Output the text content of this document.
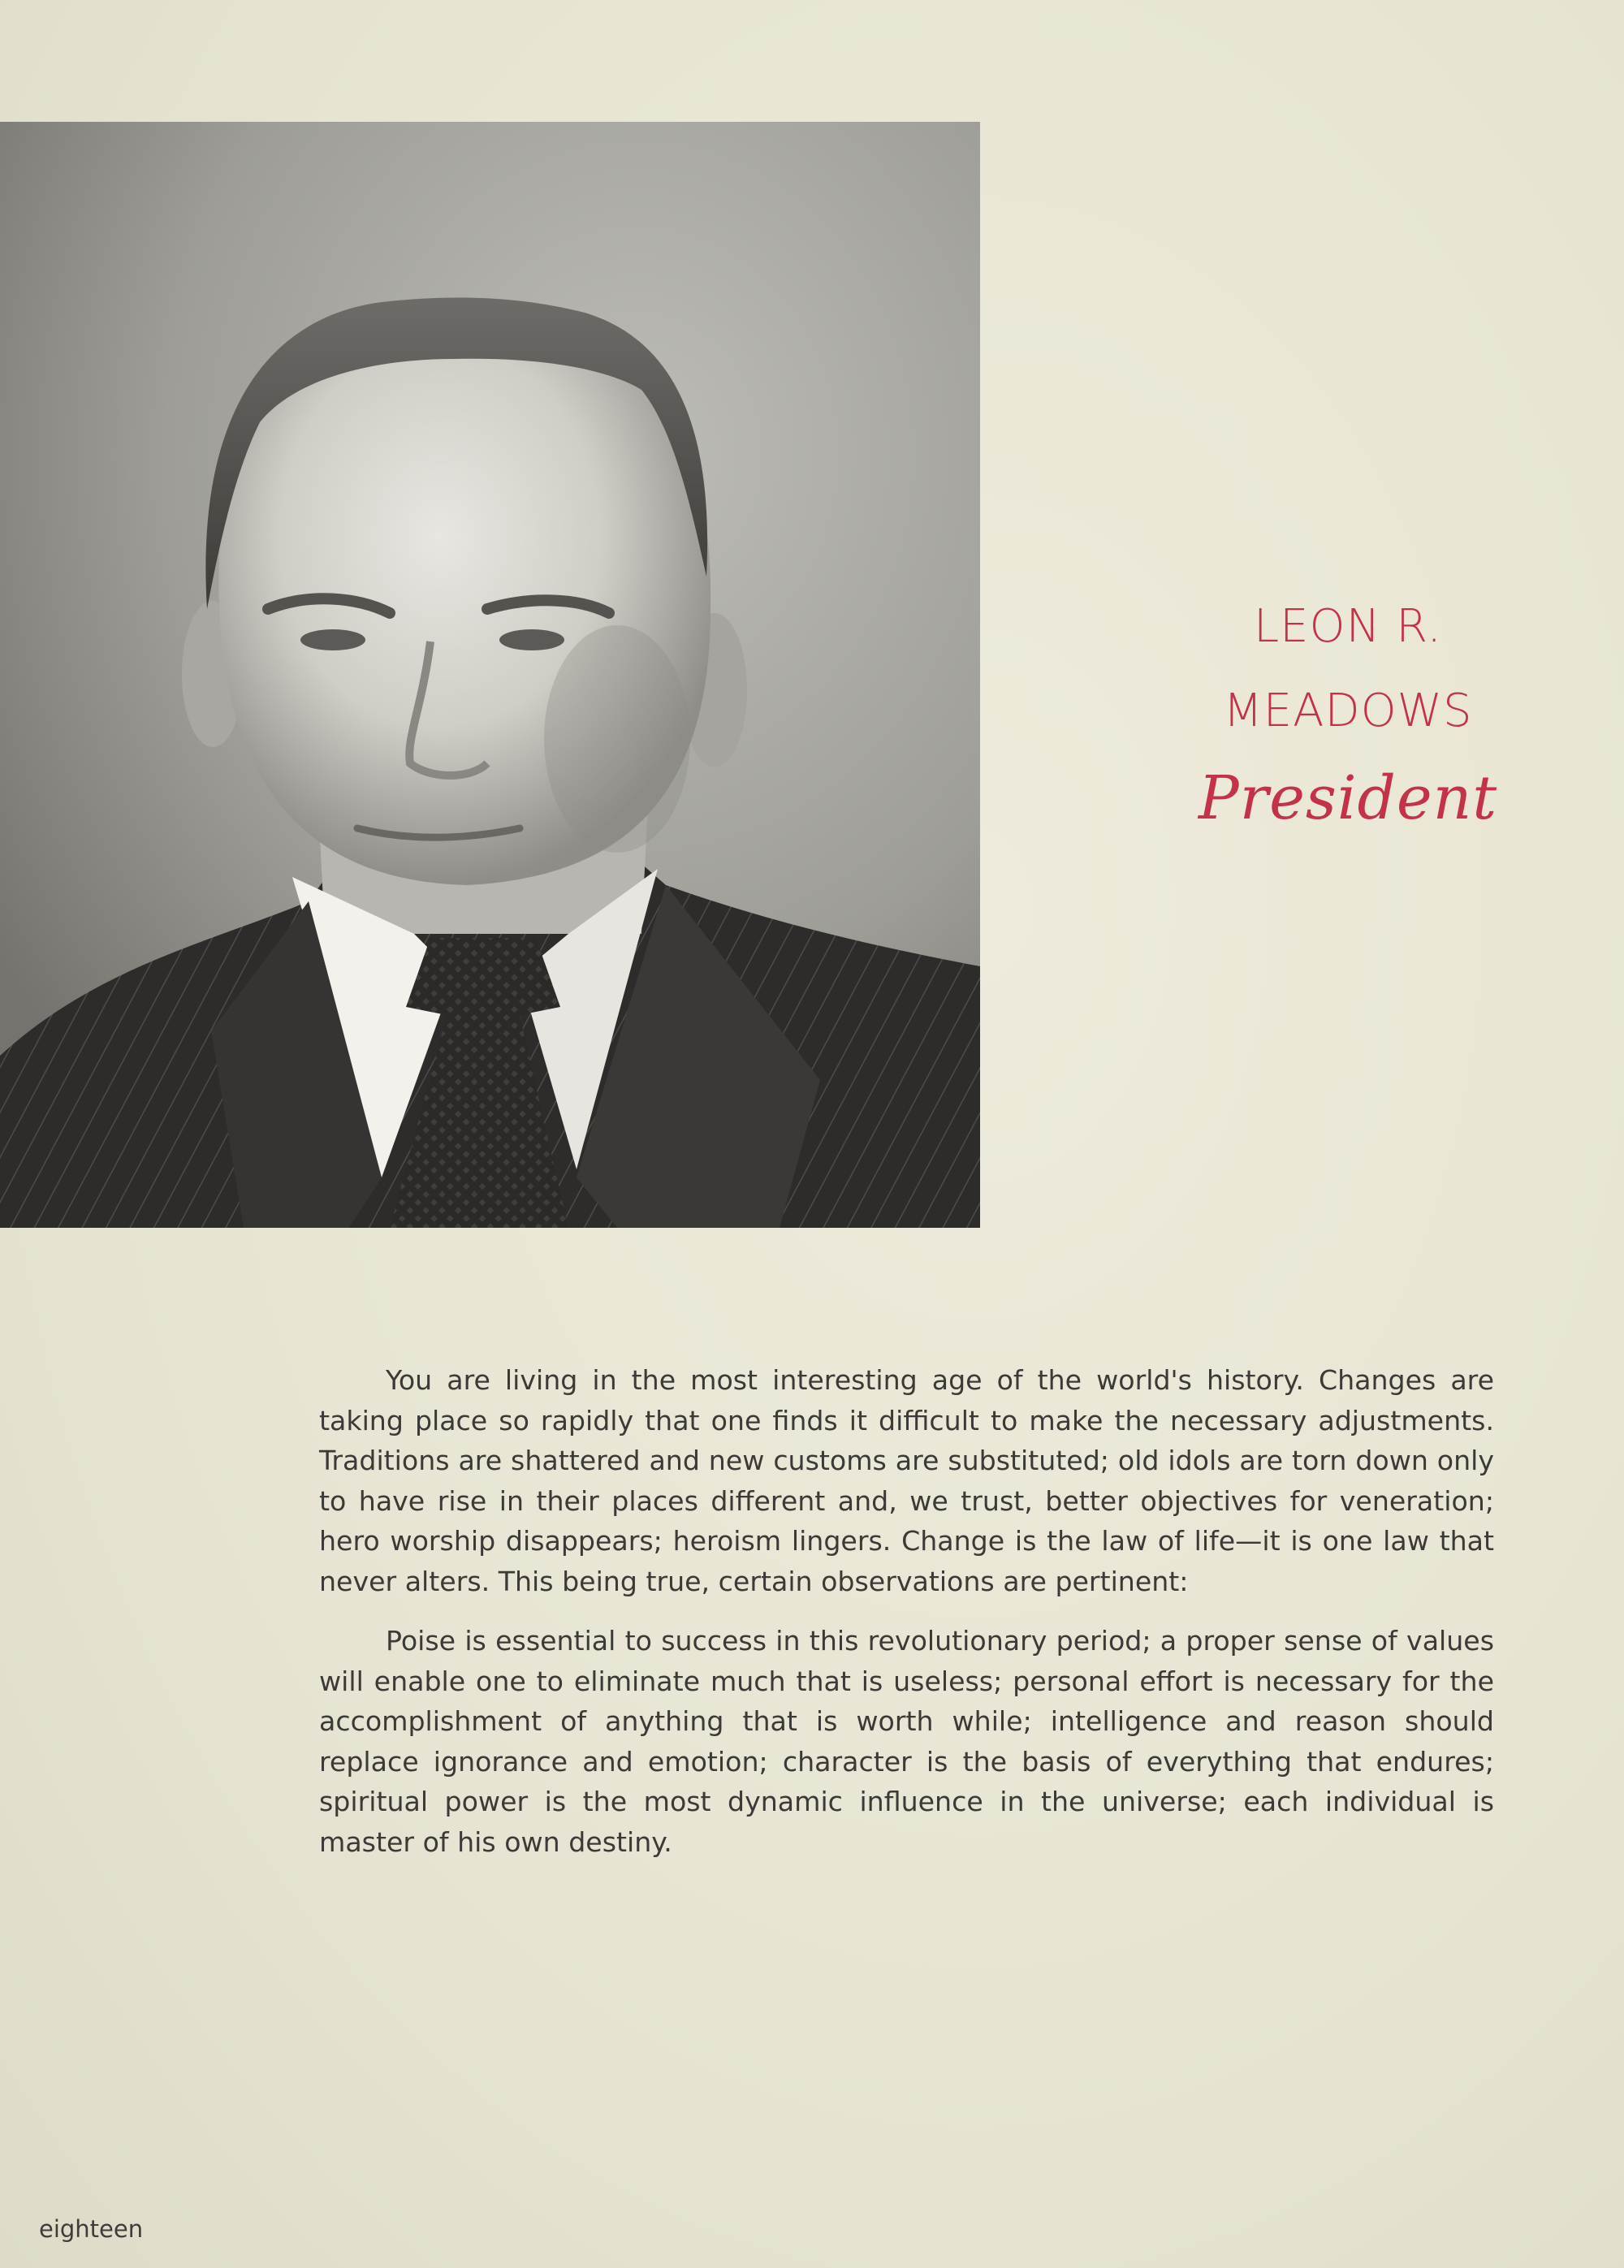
LEON R.

MEADOWS

President

You are living in the most interesting age of the world's history. Changes are taking place so rapidly that one finds it difficult to make the necessary adjustments. Traditions are shattered and new customs are substituted; old idols are torn down only to have rise in their places different and, we trust, better objectives for veneration; hero worship disappears; heroism lingers. Change is the law of life—it is one law that never alters. This being true, certain observations are pertinent:

Poise is essential to success in this revolutionary period; a proper sense of values will enable one to eliminate much that is useless; personal effort is necessary for the accomplishment of anything that is worth while; intelligence and reason should replace ignorance and emotion; character is the basis of everything that endures; spiritual power is the most dynamic influence in the universe; each individual is master of his own destiny.

eighteen
